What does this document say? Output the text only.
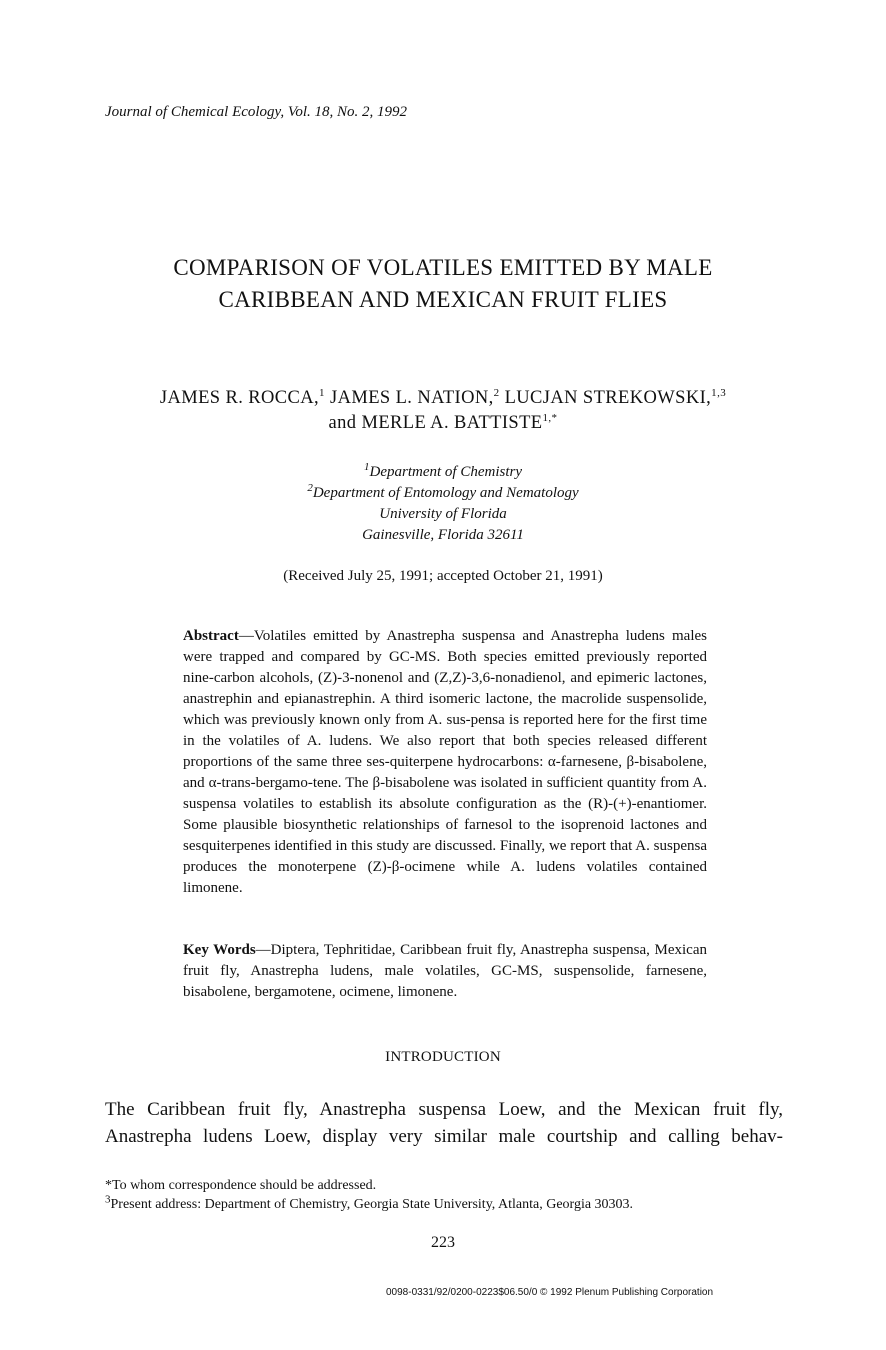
Journal of Chemical Ecology, Vol. 18, No. 2, 1992
COMPARISON OF VOLATILES EMITTED BY MALE
CARIBBEAN AND MEXICAN FRUIT FLIES
JAMES R. ROCCA,$^1$ JAMES L. NATION,$^2$ LUCJAN STREKOWSKI,$^{1,3}$
and MERLE A. $BATTISTE^{1,*}$
$^1$Department of Chemistry
$^2$Department of Entomology and Nematology
University of Florida
Gainesville, Florida 32611
(Received July 25, 1991; accepted October 21, 1991)
Abstract—Volatiles emitted by Anastrepha suspensa and Anastrepha ludens males were trapped and compared by GC-MS. Both species emitted previously reported nine-carbon alcohols, (Z)-3-nonenol and (Z,Z)-3,6-nonadienol, and epimeric lactones, anastrephin and epianastrephin. A third isomeric lactone, the macrolide suspensolide, which was previously known only from A. sus-pensa is reported here for the first time in the volatiles of A. ludens. We also report that both species released different proportions of the same three ses-quiterpene hydrocarbons: α-farnesene, β-bisabolene, and α-trans-bergamo-tene. The β-bisabolene was isolated in sufficient quantity from A. suspensa volatiles to establish its absolute configuration as the (R)-(+)-enantiomer. Some plausible biosynthetic relationships of farnesol to the isoprenoid lactones and sesquiterpenes identified in this study are discussed. Finally, we report that A. suspensa produces the monoterpene (Z)-β-ocimene while A. ludens volatiles contained limonene.
Key Words—Diptera, Tephritidae, Caribbean fruit fly, Anastrepha suspensa, Mexican fruit fly, Anastrepha ludens, male volatiles, GC-MS, suspensolide, farnesene, bisabolene, bergamotene, ocimene, limonene.
INTRODUCTION
The Caribbean fruit fly, Anastrepha suspensa Loew, and the Mexican fruit fly, Anastrepha ludens Loew, display very similar male courtship and calling behav-
*To whom correspondence should be addressed.
$^3$Present address: Department of Chemistry, Georgia State University, Atlanta, Georgia 30303.
223
0098-0331/92/0200-0223$06.50/0 © 1992 Plenum Publishing Corporation
